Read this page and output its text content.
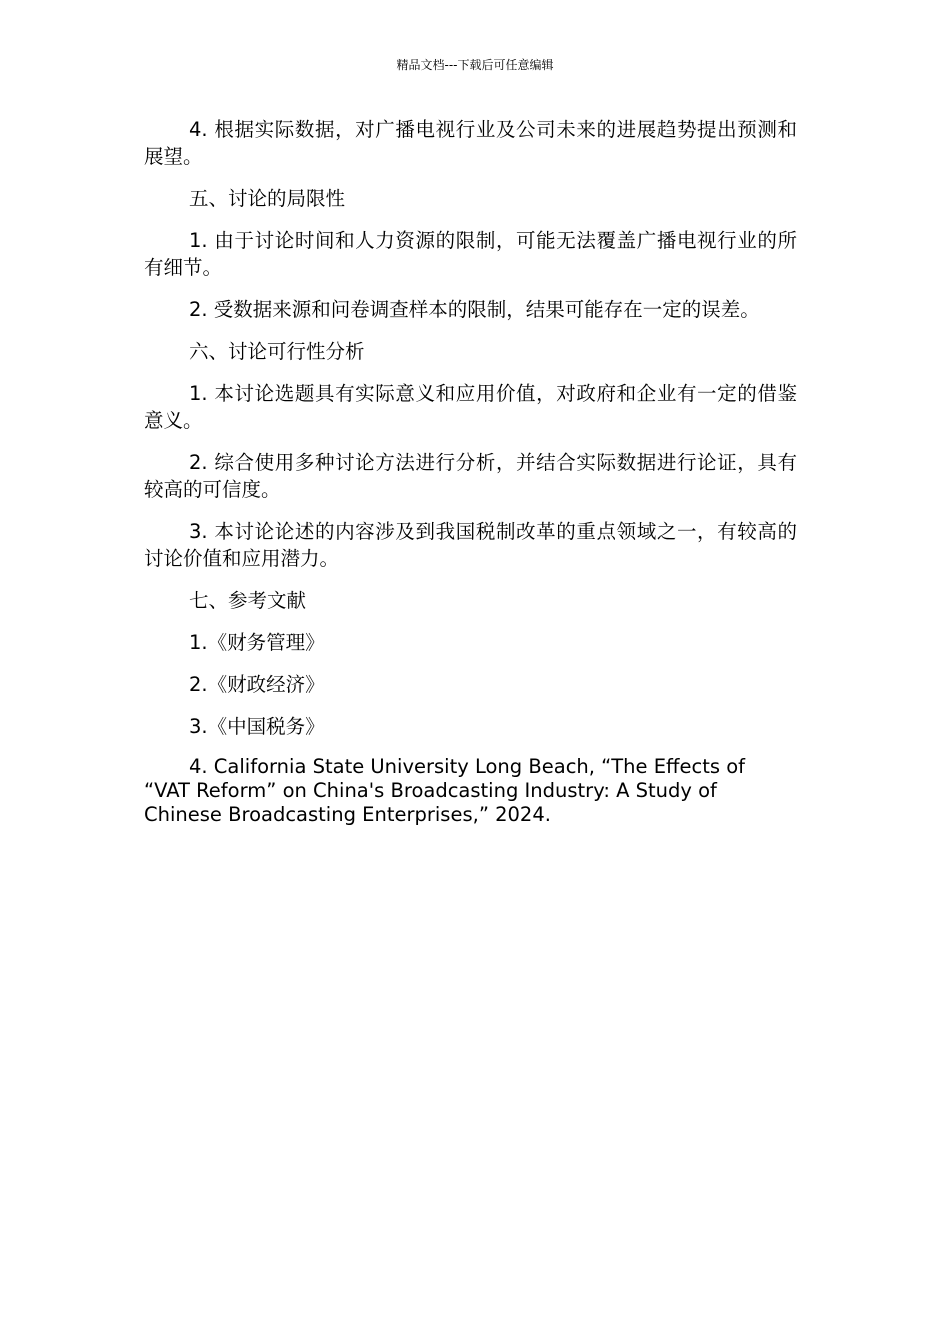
精品文档---下载后可任意编辑

4. 根据实际数据，对广播电视行业及公司未来的进展趋势提出预测和展望。

五、讨论的局限性

1. 由于讨论时间和人力资源的限制，可能无法覆盖广播电视行业的所有细节。

2. 受数据来源和问卷调查样本的限制，结果可能存在一定的误差。

六、讨论可行性分析

1. 本讨论选题具有实际意义和应用价值，对政府和企业有一定的借鉴意义。

2. 综合使用多种讨论方法进行分析，并结合实际数据进行论证，具有较高的可信度。

3. 本讨论论述的内容涉及到我国税制改革的重点领域之一，有较高的讨论价值和应用潜力。

七、参考文献

1.《财务管理》

2.《财政经济》

3.《中国税务》

4. California State University Long Beach, “The Effects of “VAT Reform” on China's Broadcasting Industry: A Study of Chinese Broadcasting Enterprises,” 2024.
